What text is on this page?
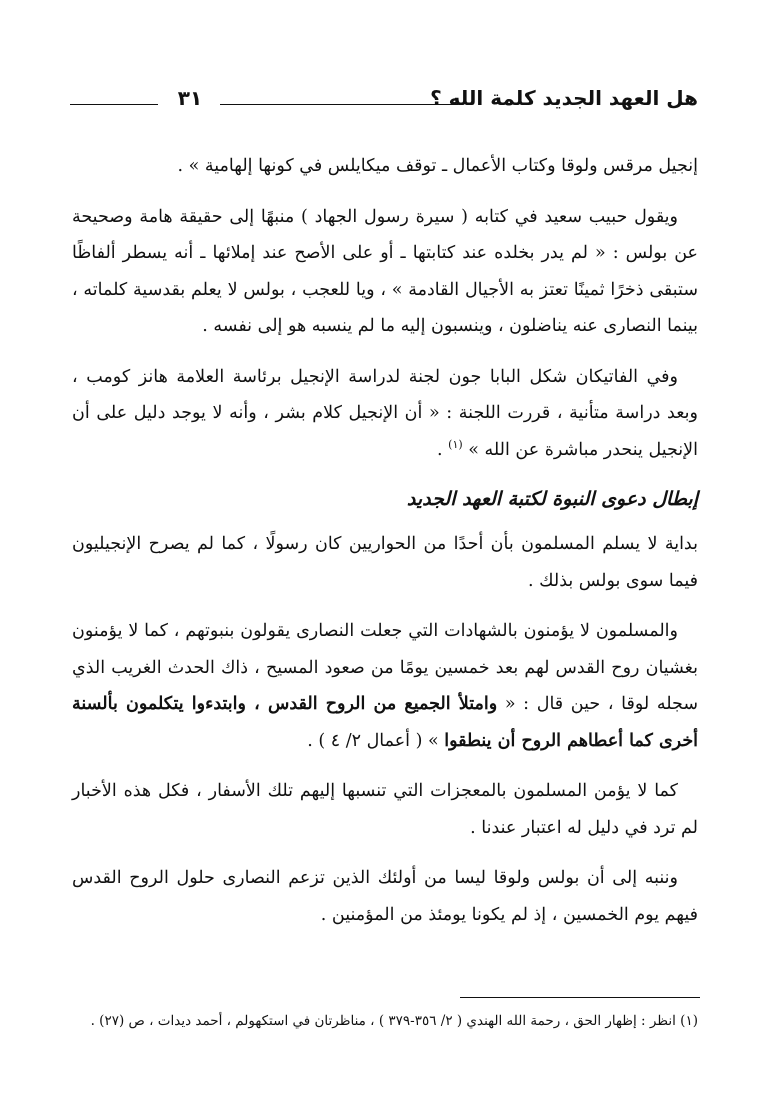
هل العهد الجديد كلمة الله ؟
٣١

إنجيل مرقس ولوقا وكتاب الأعمال ـ توقف ميكايلس في كونها إلهامية » .

ويقول حبيب سعيد في كتابه ( سيرة رسول الجهاد ) منبهًا إلى حقيقة هامة وصحيحة عن بولس : « لم يدر بخلده عند كتابتها ـ أو على الأصح عند إملائها ـ أنه يسطر ألفاظًا ستبقى ذخرًا ثمينًا تعتز به الأجيال القادمة » ، ويا للعجب ، بولس لا يعلم بقدسية كلماته ، بينما النصارى عنه يناضلون ، وينسبون إليه ما لم ينسبه هو إلى نفسه .

وفي الفاتيكان شكل البابا جون لجنة لدراسة الإنجيل برئاسة العلامة هانز كومب ، وبعد دراسة متأنية ، قررت اللجنة : « أن الإنجيل كلام بشر ، وأنه لا يوجد دليل على أن الإنجيل ينحدر مباشرة عن الله » $^{(١)}$ .

إبطال دعوى النبوة لكتبة العهد الجديد

بداية لا يسلم المسلمون بأن أحدًا من الحواريين كان رسولًا ، كما لم يصرح الإنجيليون فيما سوى بولس بذلك .

والمسلمون لا يؤمنون بالشهادات التي جعلت النصارى يقولون بنبوتهم ، كما لا يؤمنون بغشيان روح القدس لهم بعد خمسين يومًا من صعود المسيح ، ذاك الحدث الغريب الذي سجله لوقا ، حين قال : « وامتلأ الجميع من الروح القدس ، وابتدءوا يتكلمون بألسنة أخرى كما أعطاهم الروح أن ينطقوا » ( أعمال ٢/ ٤ ) .

كما لا يؤمن المسلمون بالمعجزات التي تنسبها إليهم تلك الأسفار ، فكل هذه الأخبار لم ترد في دليل له اعتبار عندنا .

وننبه إلى أن بولس ولوقا ليسا من أولئك الذين تزعم النصارى حلول الروح القدس فيهم يوم الخمسين ، إذ لم يكونا يومئذ من المؤمنين .

(١) انظر : إظهار الحق ، رحمة الله الهندي ( ٢/ ٣٥٦-٣٧٩ ) ، مناظرتان في استكهولم ، أحمد ديدات ، ص (٢٧) .
